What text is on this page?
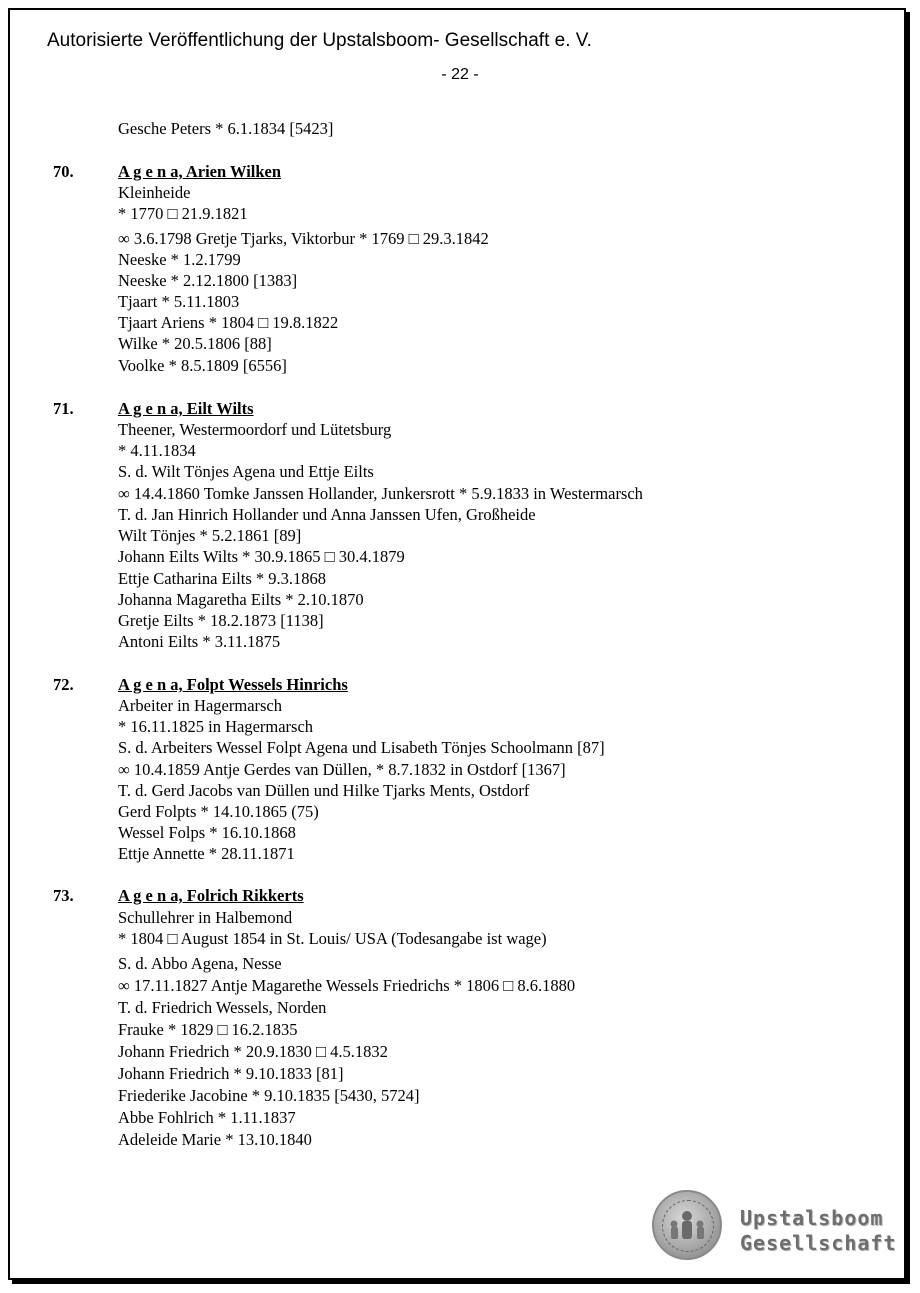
Autorisierte Veröffentlichung der Upstalsboom- Gesellschaft e. V.
- 22 -
Gesche Peters * 6.1.1834 [5423]
70.	A g e n a, Arien Wilken
Kleinheide
* 1770 □ 21.9.1821
∞ 3.6.1798 Gretje Tjarks, Viktorbur * 1769 □ 29.3.1842
Neeske * 1.2.1799
Neeske * 2.12.1800 [1383]
Tjaart * 5.11.1803
Tjaart Ariens * 1804 □ 19.8.1822
Wilke * 20.5.1806 [88]
Voolke * 8.5.1809 [6556]
71.	A g e n a, Eilt Wilts
Theener, Westermoordorf und Lütetsburg
* 4.11.1834
S. d. Wilt Tönjes Agena und Ettje Eilts
∞ 14.4.1860 Tomke Janssen Hollander, Junkersrott * 5.9.1833 in Westermarsch
T. d. Jan Hinrich Hollander und Anna Janssen Ufen, Großheide
Wilt Tönjes * 5.2.1861 [89]
Johann Eilts Wilts * 30.9.1865 □ 30.4.1879
Ettje Catharina Eilts * 9.3.1868
Johanna Magaretha Eilts * 2.10.1870
Gretje Eilts * 18.2.1873 [1138]
Antoni Eilts * 3.11.1875
72.	A g e n a, Folpt Wessels Hinrichs
Arbeiter in Hagermarsch
* 16.11.1825 in Hagermarsch
S. d. Arbeiters Wessel Folpt Agena und Lisabeth Tönjes Schoolmann [87]
∞ 10.4.1859 Antje Gerdes van Düllen, * 8.7.1832 in Ostdorf [1367]
T. d. Gerd Jacobs van Düllen und Hilke Tjarks Ments, Ostdorf
Gerd Folpts * 14.10.1865 (75)
Wessel Folps * 16.10.1868
Ettje Annette * 28.11.1871
73.	A g e n a, Folrich Rikkerts
Schullehrer in Halbemond
* 1804 □ August 1854 in St. Louis/ USA (Todesangabe ist wage)
S. d. Abbo Agena, Nesse
∞ 17.11.1827 Antje Magarethe Wessels Friedrichs * 1806 □ 8.6.1880
T. d. Friedrich Wessels, Norden
Frauke * 1829 □ 16.2.1835
Johann Friedrich * 20.9.1830 □ 4.5.1832
Johann Friedrich * 9.10.1833 [81]
Friederike Jacobine * 9.10.1835 [5430, 5724]
Abbe Fohlrich * 1.11.1837
Adeleide Marie * 13.10.1840
Upstalsboom
Gesellschaft
